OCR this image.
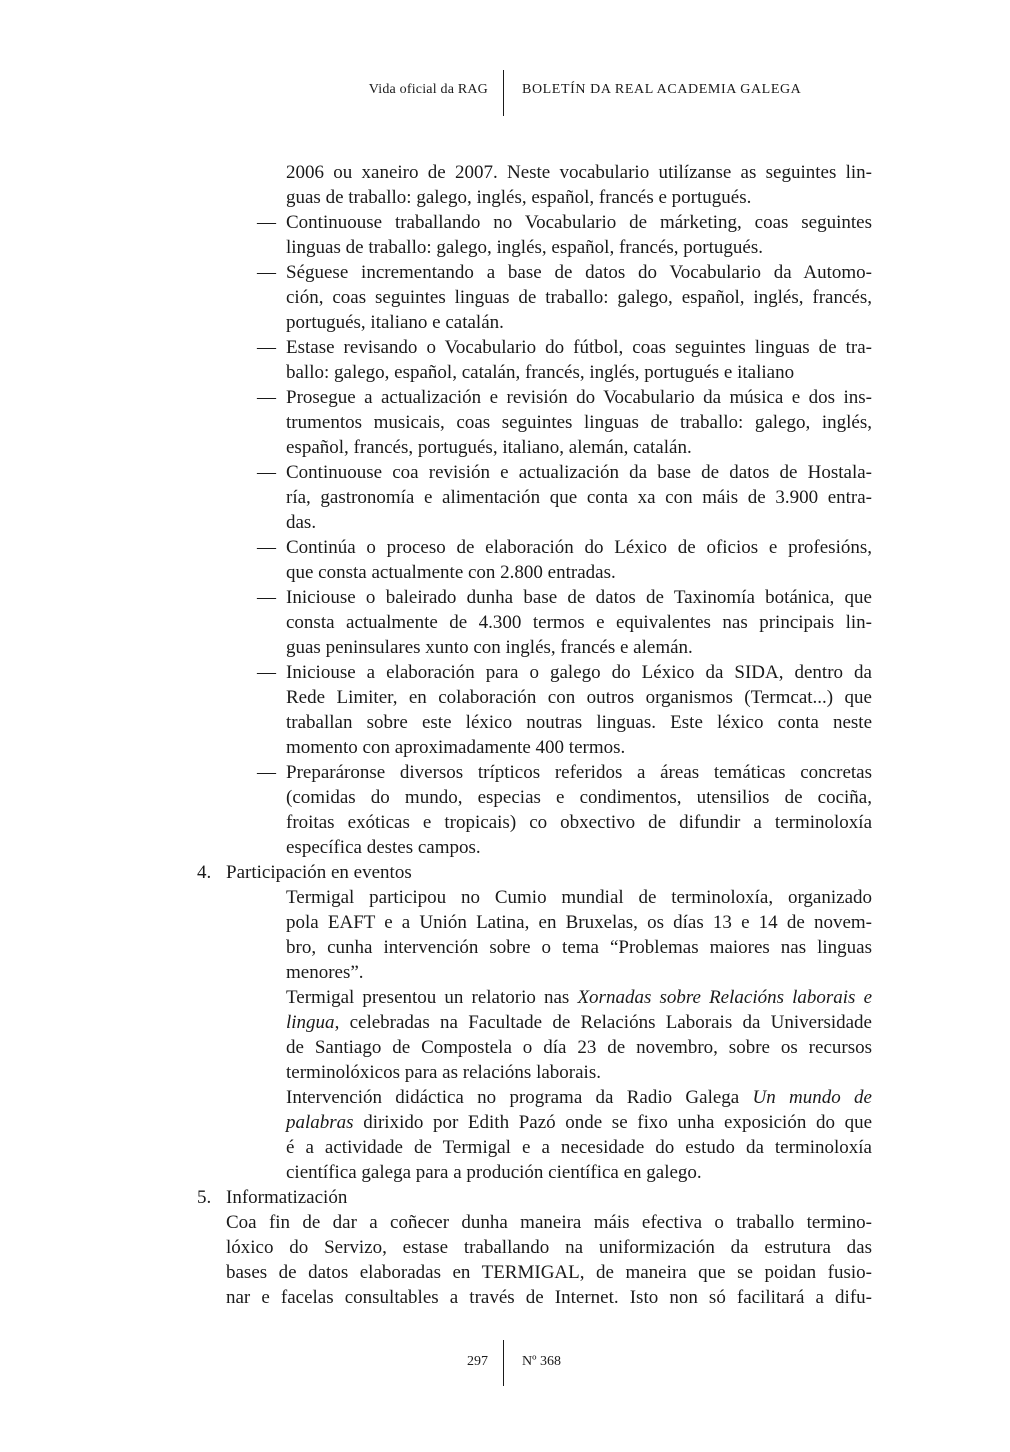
Vida oficial da RAG BOLETÍN DA REAL ACADEMIA GALEGA
2006 ou xaneiro de 2007. Neste vocabulario utilízanse as seguintes lin-
guas de traballo: galego, inglés, español, francés e portugués.
— Continuouse traballando no Vocabulario de márketing, coas seguintes
linguas de traballo: galego, inglés, español, francés, portugués.
— Séguese incrementando a base de datos do Vocabulario da Automo-
ción, coas seguintes linguas de traballo: galego, español, inglés, francés,
portugués, italiano e catalán.
— Estase revisando o Vocabulario do fútbol, coas seguintes linguas de tra-
ballo: galego, español, catalán, francés, inglés, portugués e italiano
— Prosegue a actualización e revisión do Vocabulario da música e dos ins-
trumentos musicais, coas seguintes linguas de traballo: galego, inglés,
español, francés, portugués, italiano, alemán, catalán.
— Continuouse coa revisión e actualización da base de datos de Hostala-
ría, gastronomía e alimentación que conta xa con máis de 3.900 entra-
das.
— Continúa o proceso de elaboración do Léxico de oficios e profesións,
que consta actualmente con 2.800 entradas.
— Iniciouse o baleirado dunha base de datos de Taxinomía botánica, que
consta actualmente de 4.300 termos e equivalentes nas principais lin-
guas peninsulares xunto con inglés, francés e alemán.
— Iniciouse a elaboración para o galego do Léxico da SIDA, dentro da
Rede Limiter, en colaboración con outros organismos (Termcat...) que
traballan sobre este léxico noutras linguas. Este léxico conta neste
momento con aproximadamente 400 termos.
— Preparáronse diversos trípticos referidos a áreas temáticas concretas
(comidas do mundo, especias e condimentos, utensilios de cociña,
froitas exóticas e tropicais) co obxectivo de difundir a terminoloxía
específica destes campos.
4. Participación en eventos
Termigal participou no Cumio mundial de terminoloxía, organizado
pola EAFT e a Unión Latina, en Bruxelas, os días 13 e 14 de novem-
bro, cunha intervención sobre o tema “Problemas maiores nas linguas
menores”.
Termigal presentou un relatorio nas Xornadas sobre Relacións laborais e
lingua, celebradas na Facultade de Relacións Laborais da Universidade
de Santiago de Compostela o día 23 de novembro, sobre os recursos
terminolóxicos para as relacións laborais.
Intervención didáctica no programa da Radio Galega Un mundo de
palabras dirixido por Edith Pazó onde se fixo unha exposición do que
é a actividade de Termigal e a necesidade do estudo da terminoloxía
científica galega para a produción científica en galego.
5. Informatización
Coa fin de dar a coñecer dunha maneira máis efectiva o traballo termino-
lóxico do Servizo, estase traballando na uniformización da estrutura das
bases de datos elaboradas en TERMIGAL, de maneira que se poidan fusio-
nar e facelas consultables a través de Internet. Isto non só facilitará a difu-
297 Nº 368
